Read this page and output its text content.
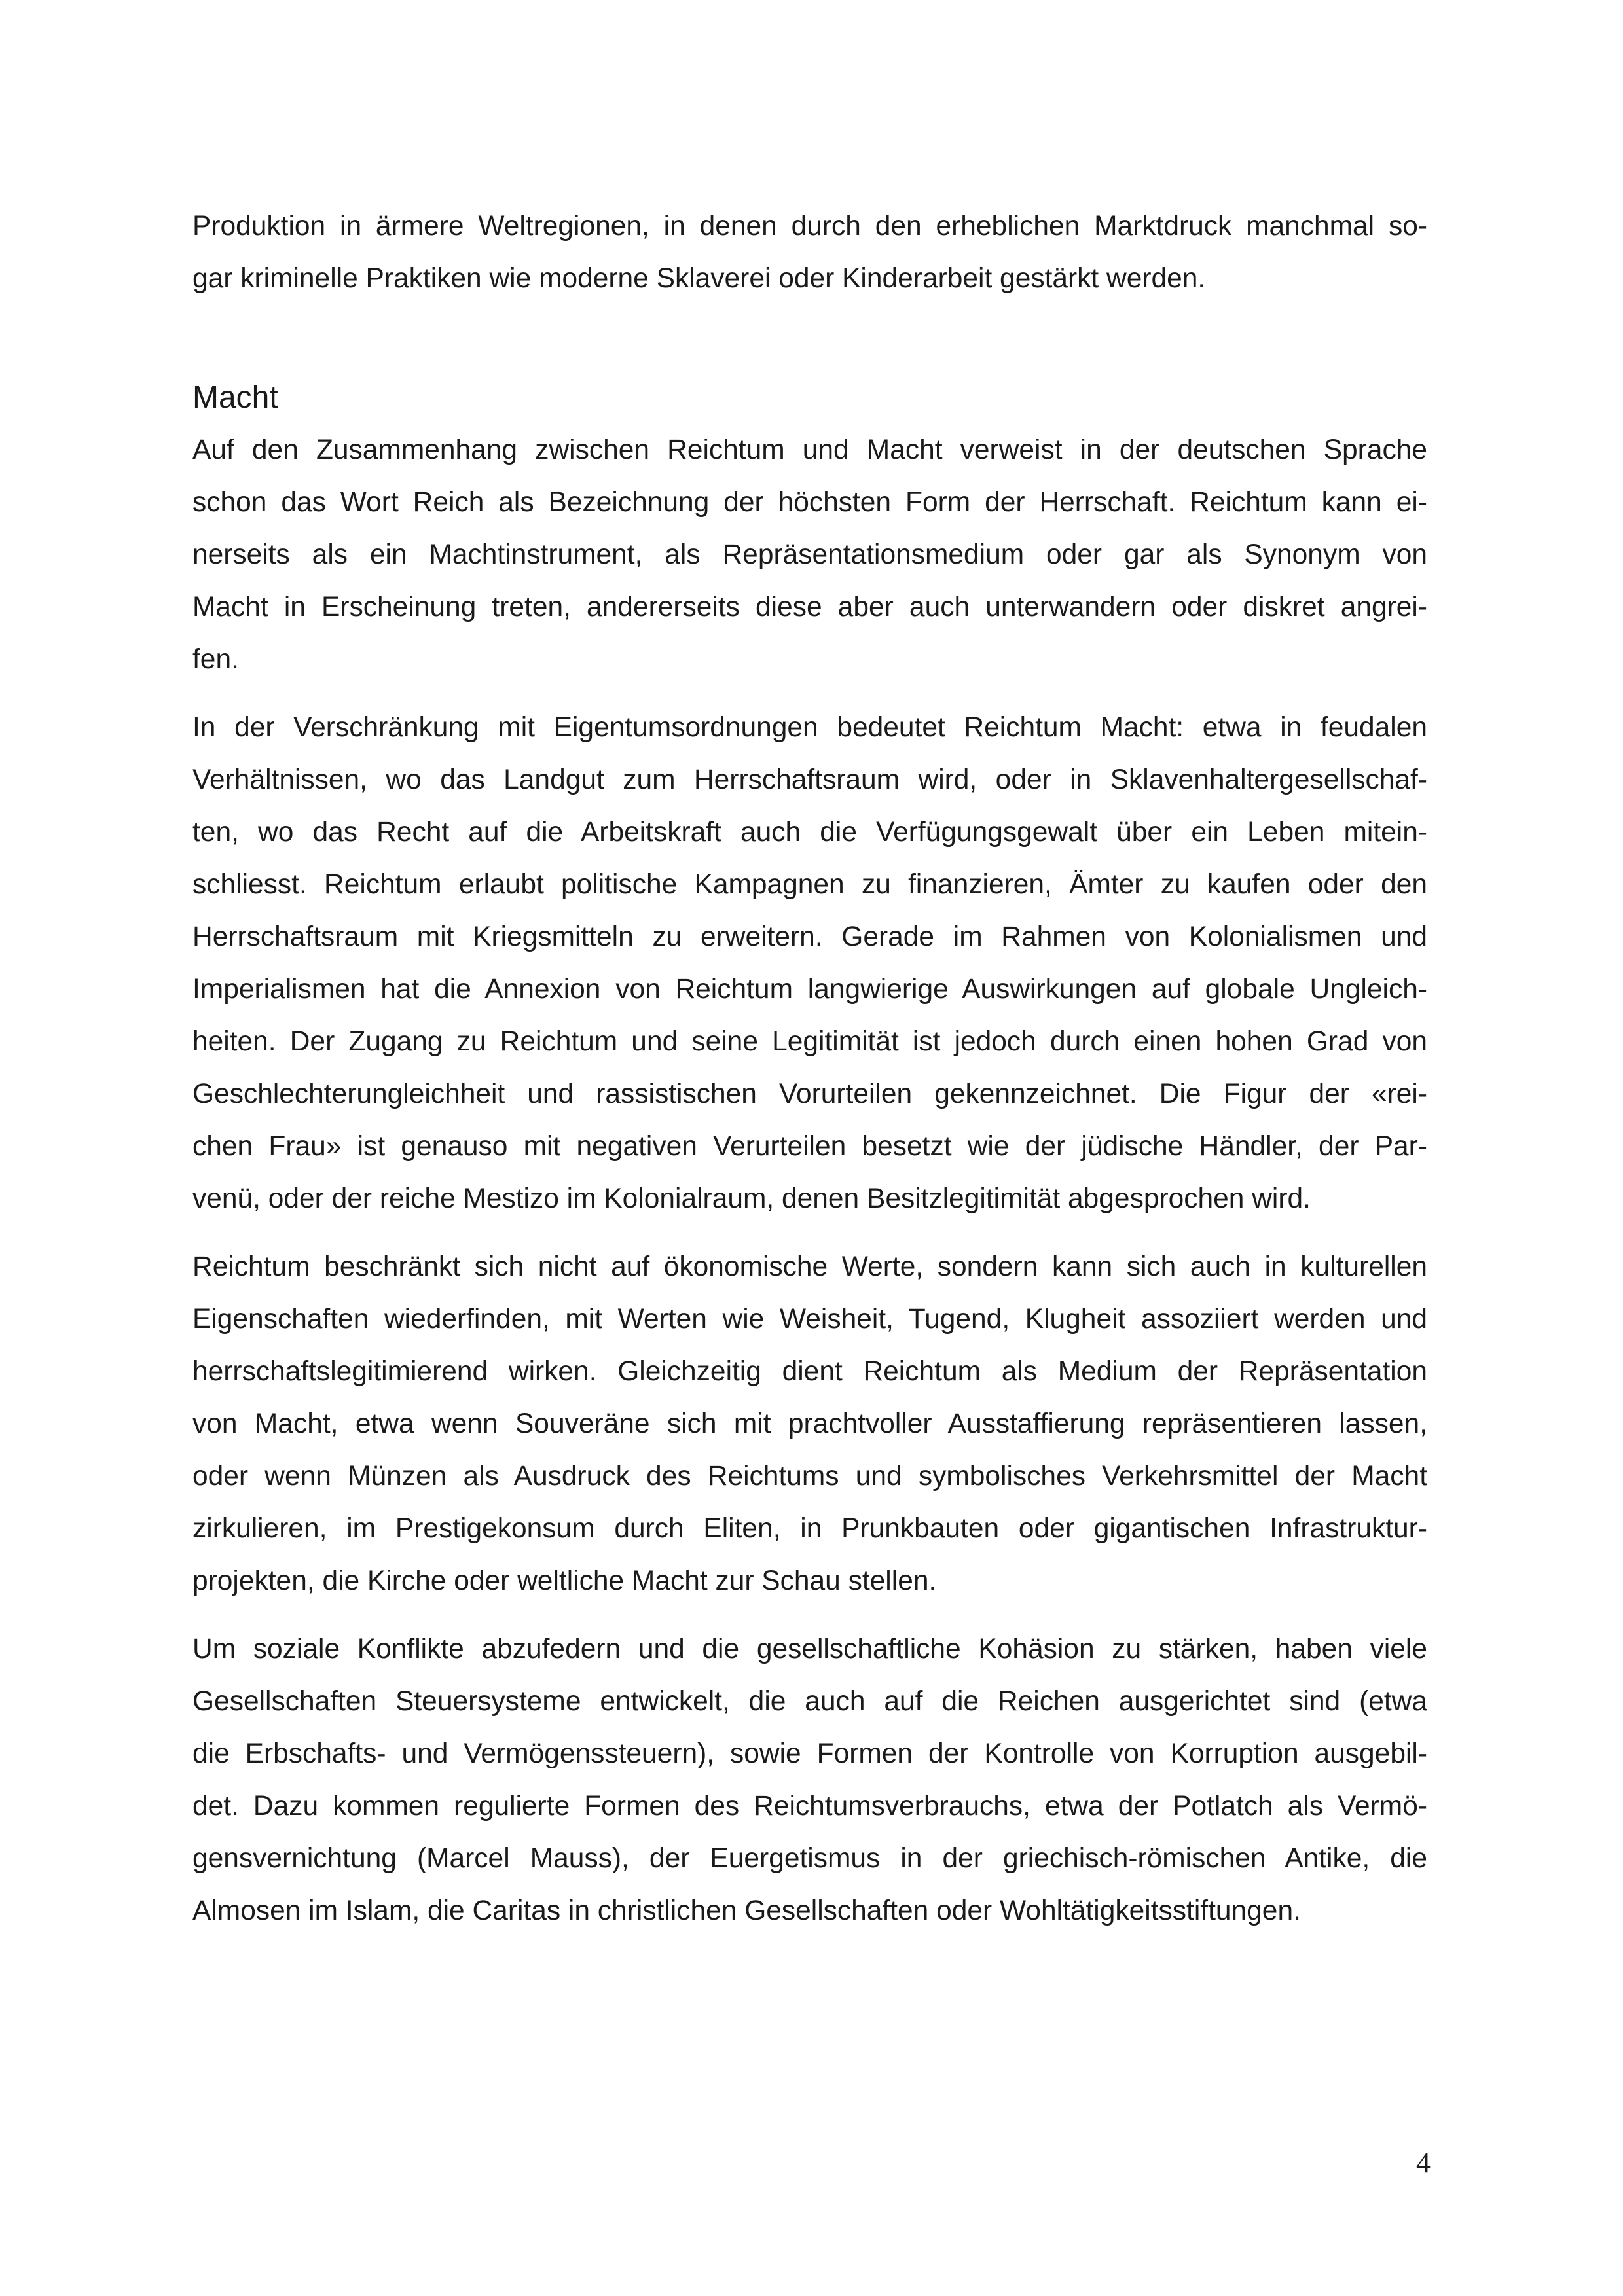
Produktion in ärmere Weltregionen, in denen durch den erheblichen Marktdruck manchmal so-
gar kriminelle Praktiken wie moderne Sklaverei oder Kinderarbeit gestärkt werden.
Macht
Auf den Zusammenhang zwischen Reichtum und Macht verweist in der deutschen Sprache
schon das Wort Reich als Bezeichnung der höchsten Form der Herrschaft. Reichtum kann ei-
nerseits als ein Machtinstrument, als Repräsentationsmedium oder gar als Synonym von
Macht in Erscheinung treten, andererseits diese aber auch unterwandern oder diskret angrei-
fen.
In der Verschränkung mit Eigentumsordnungen bedeutet Reichtum Macht: etwa in feudalen
Verhältnissen, wo das Landgut zum Herrschaftsraum wird, oder in Sklavenhaltergesellschaf-
ten, wo das Recht auf die Arbeitskraft auch die Verfügungsgewalt über ein Leben mitein-
schliesst. Reichtum erlaubt politische Kampagnen zu finanzieren, Ämter zu kaufen oder den
Herrschaftsraum mit Kriegsmitteln zu erweitern. Gerade im Rahmen von Kolonialismen und
Imperialismen hat die Annexion von Reichtum langwierige Auswirkungen auf globale Ungleich-
heiten. Der Zugang zu Reichtum und seine Legitimität ist jedoch durch einen hohen Grad von
Geschlechterungleichheit und rassistischen Vorurteilen gekennzeichnet. Die Figur der «rei-
chen Frau» ist genauso mit negativen Verurteilen besetzt wie der jüdische Händler, der Par-
venü, oder der reiche Mestizo im Kolonialraum, denen Besitzlegitimität abgesprochen wird.
Reichtum beschränkt sich nicht auf ökonomische Werte, sondern kann sich auch in kulturellen
Eigenschaften wiederfinden, mit Werten wie Weisheit, Tugend, Klugheit assoziiert werden und
herrschaftslegitimierend wirken. Gleichzeitig dient Reichtum als Medium der Repräsentation
von Macht, etwa wenn Souveräne sich mit prachtvoller Ausstaffierung repräsentieren lassen,
oder wenn Münzen als Ausdruck des Reichtums und symbolisches Verkehrsmittel der Macht
zirkulieren, im Prestigekonsum durch Eliten, in Prunkbauten oder gigantischen Infrastruktur-
projekten, die Kirche oder weltliche Macht zur Schau stellen.
Um soziale Konflikte abzufedern und die gesellschaftliche Kohäsion zu stärken, haben viele
Gesellschaften Steuersysteme entwickelt, die auch auf die Reichen ausgerichtet sind (etwa
die Erbschafts- und Vermögenssteuern), sowie Formen der Kontrolle von Korruption ausgebil-
det. Dazu kommen regulierte Formen des Reichtumsverbrauchs, etwa der Potlatch als Vermö-
gensvernichtung (Marcel Mauss), der Euergetismus in der griechisch-römischen Antike, die
Almosen im Islam, die Caritas in christlichen Gesellschaften oder Wohltätigkeitsstiftungen.
4
